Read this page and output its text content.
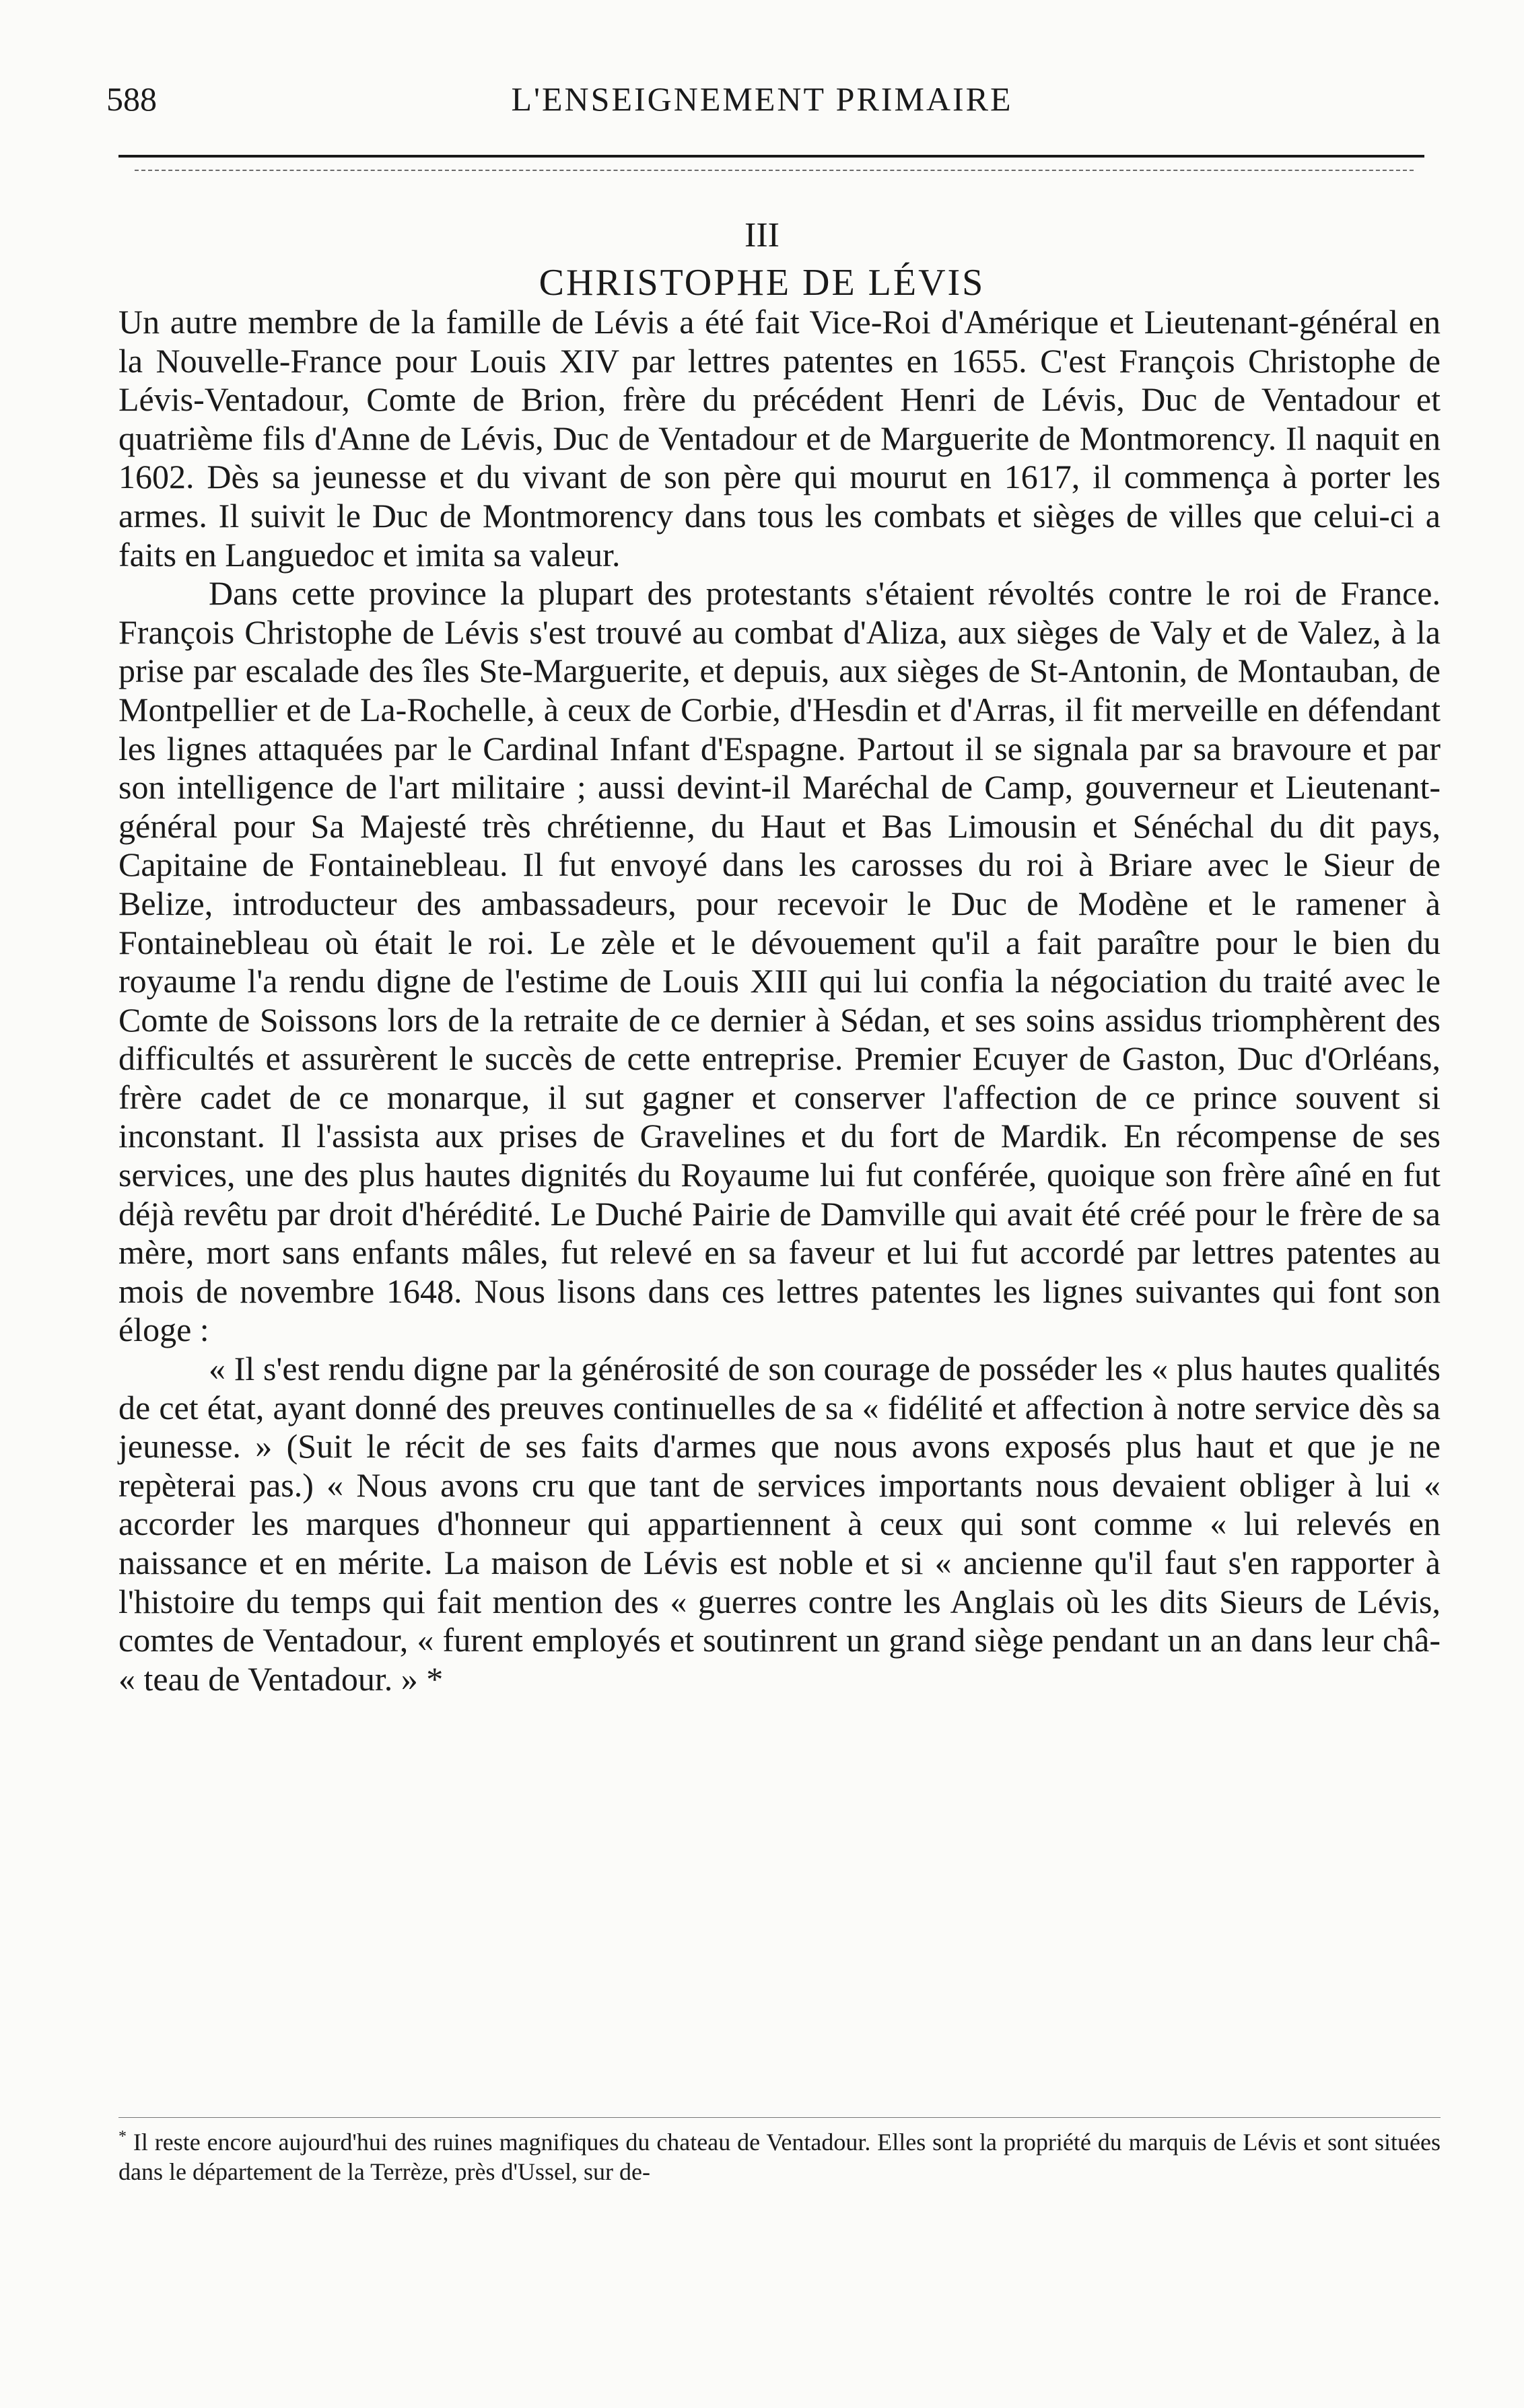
588	L'ENSEIGNEMENT PRIMAIRE
III
CHRISTOPHE DE LÉVIS

Un autre membre de la famille de Lévis a été fait Vice-Roi d'Amérique et Lieutenant-général en la Nouvelle-France pour Louis XIV par lettres patentes en 1655. C'est François Christophe de Lévis-Ventadour, Comte de Brion, frère du précédent Henri de Lévis, Duc de Ventadour et quatrième fils d'Anne de Lévis, Duc de Ventadour et de Marguerite de Montmorency. Il naquit en 1602. Dès sa jeunesse et du vivant de son père qui mourut en 1617, il commença à porter les armes. Il suivit le Duc de Montmorency dans tous les combats et sièges de villes que celui-ci a faits en Languedoc et imita sa valeur.

Dans cette province la plupart des protestants s'étaient révoltés contre le roi de France. François Christophe de Lévis s'est trouvé au combat d'Aliza, aux sièges de Valy et de Valez, à la prise par escalade des îles Ste-Marguerite, et depuis, aux sièges de St-Antonin, de Montauban, de Montpellier et de La-Rochelle, à ceux de Corbie, d'Hesdin et d'Arras, il fit merveille en défendant les lignes attaquées par le Cardinal Infant d'Espagne. Partout il se signala par sa bravoure et par son intelligence de l'art militaire ; aussi devint-il Maréchal de Camp, gouverneur et Lieutenant-général pour Sa Majesté très chrétienne, du Haut et Bas Limousin et Sénéchal du dit pays, Capitaine de Fontainebleau. Il fut envoyé dans les carosses du roi à Briare avec le Sieur de Belize, introducteur des ambassadeurs, pour recevoir le Duc de Modène et le ramener à Fontainebleau où était le roi. Le zèle et le dévouement qu'il a fait paraître pour le bien du royaume l'a rendu digne de l'estime de Louis XIII qui lui confia la négociation du traité avec le Comte de Soissons lors de la retraite de ce dernier à Sédan, et ses soins assidus triomphèrent des difficultés et assurèrent le succès de cette entreprise. Premier Ecuyer de Gaston, Duc d'Orléans, frère cadet de ce monarque, il sut gagner et conserver l'affection de ce prince souvent si inconstant. Il l'assista aux prises de Gravelines et du fort de Mardik. En récompense de ses services, une des plus hautes dignités du Royaume lui fut conférée, quoique son frère aîné en fut déjà revêtu par droit d'hérédité. Le Duché Pairie de Damville qui avait été créé pour le frère de sa mère, mort sans enfants mâles, fut relevé en sa faveur et lui fut accordé par lettres patentes au mois de novembre 1648. Nous lisons dans ces lettres patentes les lignes suivantes qui font son éloge :

« Il s'est rendu digne par la générosité de son courage de posséder les « plus hautes qualités de cet état, ayant donné des preuves continuelles de sa « fidélité et affection à notre service dès sa jeunesse. » (Suit le récit de ses faits d'armes que nous avons exposés plus haut et que je ne repèterai pas.) « Nous avons cru que tant de services importants nous devaient obliger à lui « accorder les marques d'honneur qui appartiennent à ceux qui sont comme « lui relevés en naissance et en mérite. La maison de Lévis est noble et si « ancienne qu'il faut s'en rapporter à l'histoire du temps qui fait mention des « guerres contre les Anglais où les dits Sieurs de Lévis, comtes de Ventadour, « furent employés et soutinrent un grand siège pendant un an dans leur châ- « teau de Ventadour. » *

* Il reste encore aujourd'hui des ruines magnifiques du chateau de Ventadour. Elles sont la propriété du marquis de Lévis et sont situées dans le département de la Terrèze, près d'Ussel, sur de-
